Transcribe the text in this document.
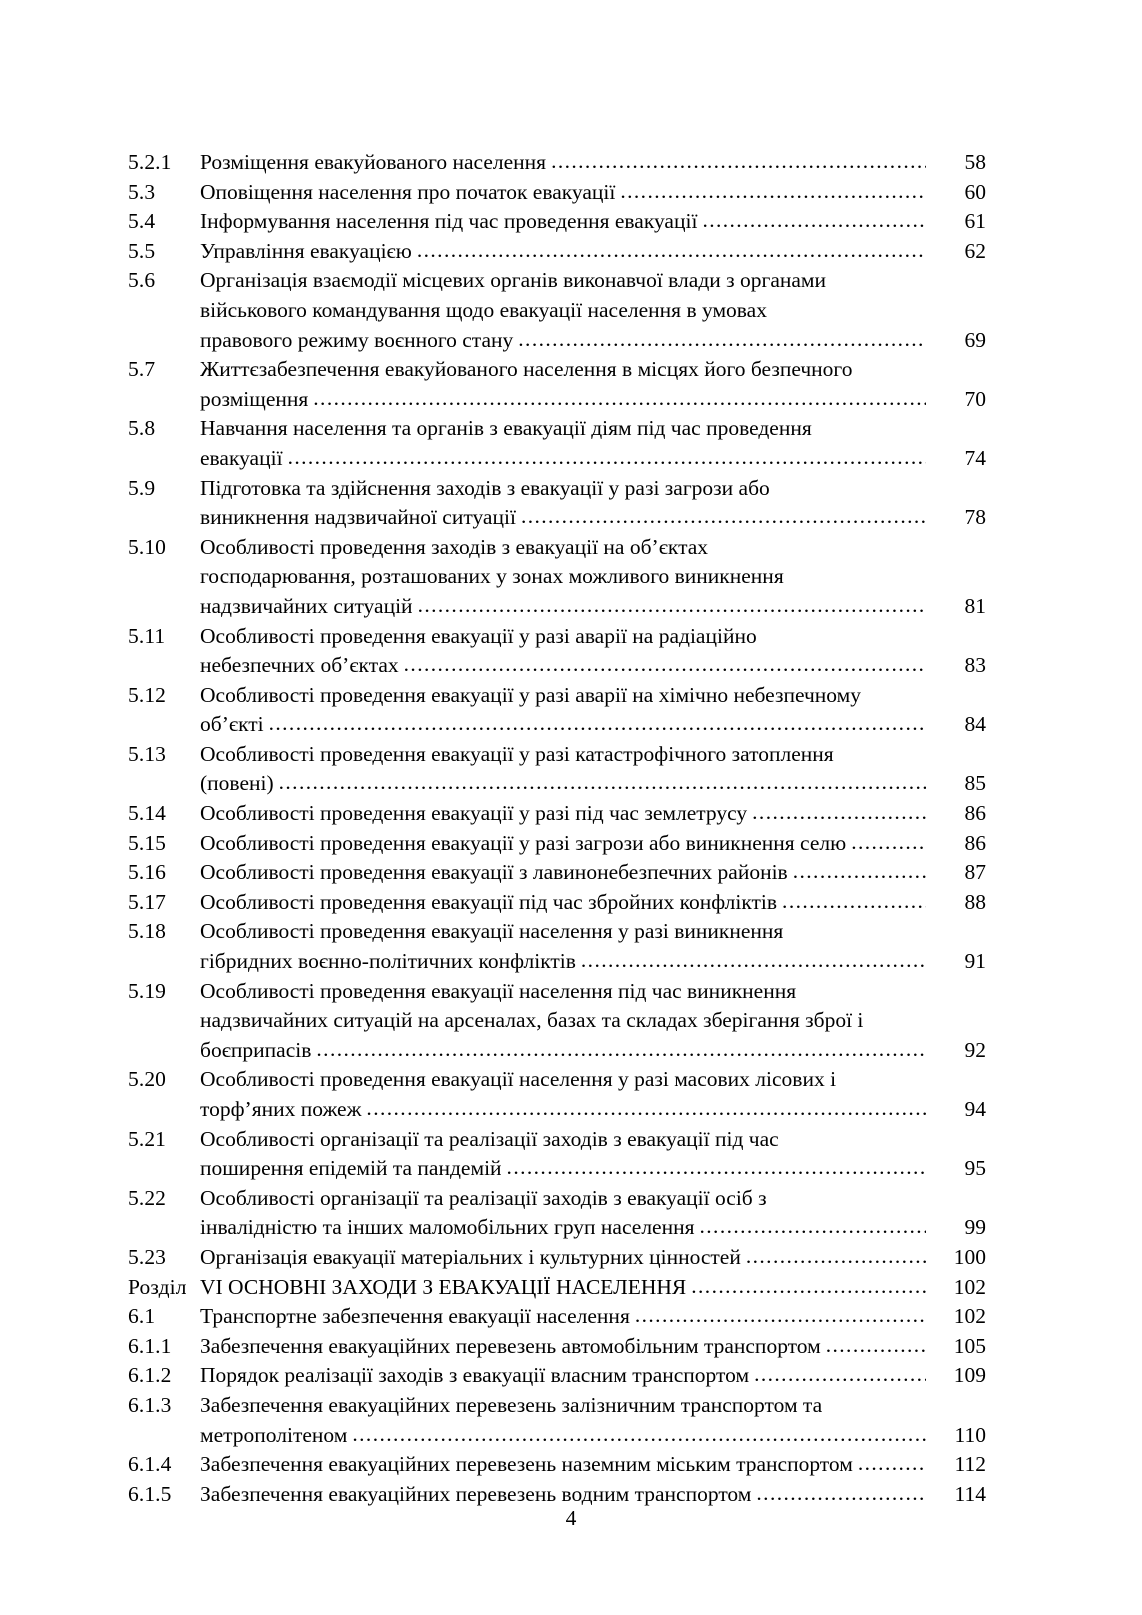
5.2.1	Розміщення евакуйованого населення .....	58
5.3	Оповіщення населення про початок евакуації .....	60
5.4	Інформування населення під час проведення евакуації .....	61
5.5	Управління евакуацією .....	62
5.6	Організація взаємодії місцевих органів виконавчої влади з органами
військового командування щодо евакуації населення в умовах
правового режиму воєнного стану .....	69
5.7	Життєзабезпечення евакуйованого населення в місцях його безпечного
розміщення .....	70
5.8	Навчання населення та органів з евакуації діям під час проведення
евакуації .....	74
5.9	Підготовка та здійснення заходів з евакуації у разі загрози або
виникнення надзвичайної ситуації .....	78
5.10	Особливості проведення заходів з евакуації на об’єктах
господарювання, розташованих у зонах можливого виникнення
надзвичайних ситуацій .....	81
5.11	Особливості проведення евакуації у разі аварії на радіаційно
небезпечних об’єктах .....	83
5.12	Особливості проведення евакуації у разі аварії на хімічно небезпечному
об’єкті .....	84
5.13	Особливості проведення евакуації у разі катастрофічного затоплення
(повені) .....	85
5.14	Особливості проведення евакуації у разі під час землетрусу .....	86
5.15	Особливості проведення евакуації у разі загрози або виникнення селю .....	86
5.16	Особливості проведення евакуації з лавинонебезпечних районів .....	87
5.17	Особливості проведення евакуації під час збройних конфліктів .....	88
5.18	Особливості проведення евакуації населення у разі виникнення
гібридних воєнно-політичних конфліктів .....	91
5.19	Особливості проведення евакуації населення під час виникнення
надзвичайних ситуацій на арсеналах, базах та складах зберігання зброї і
боєприпасів .....	92
5.20	Особливості проведення евакуації населення у разі масових лісових і
торф’яних пожеж .....	94
5.21	Особливості організації та реалізації заходів з евакуації під час
поширення епідемій та пандемій .....	95
5.22	Особливості організації та реалізації заходів з евакуації осіб з
інвалідністю та інших маломобільних груп населення .....	99
5.23	Організація евакуації матеріальних і культурних цінностей .....	100
Розділ VI ОСНОВНІ ЗАХОДИ З ЕВАКУАЦІЇ НАСЕЛЕННЯ .....	102
6.1	Транспортне забезпечення евакуації населення .....	102
6.1.1	Забезпечення евакуаційних перевезень автомобільним транспортом .....	105
6.1.2	Порядок реалізації заходів з евакуації власним транспортом .....	109
6.1.3	Забезпечення евакуаційних перевезень залізничним транспортом та
метрополітеном .....	110
6.1.4	Забезпечення евакуаційних перевезень наземним міським транспортом .....	112
6.1.5	Забезпечення евакуаційних перевезень водним транспортом .....	114
4
